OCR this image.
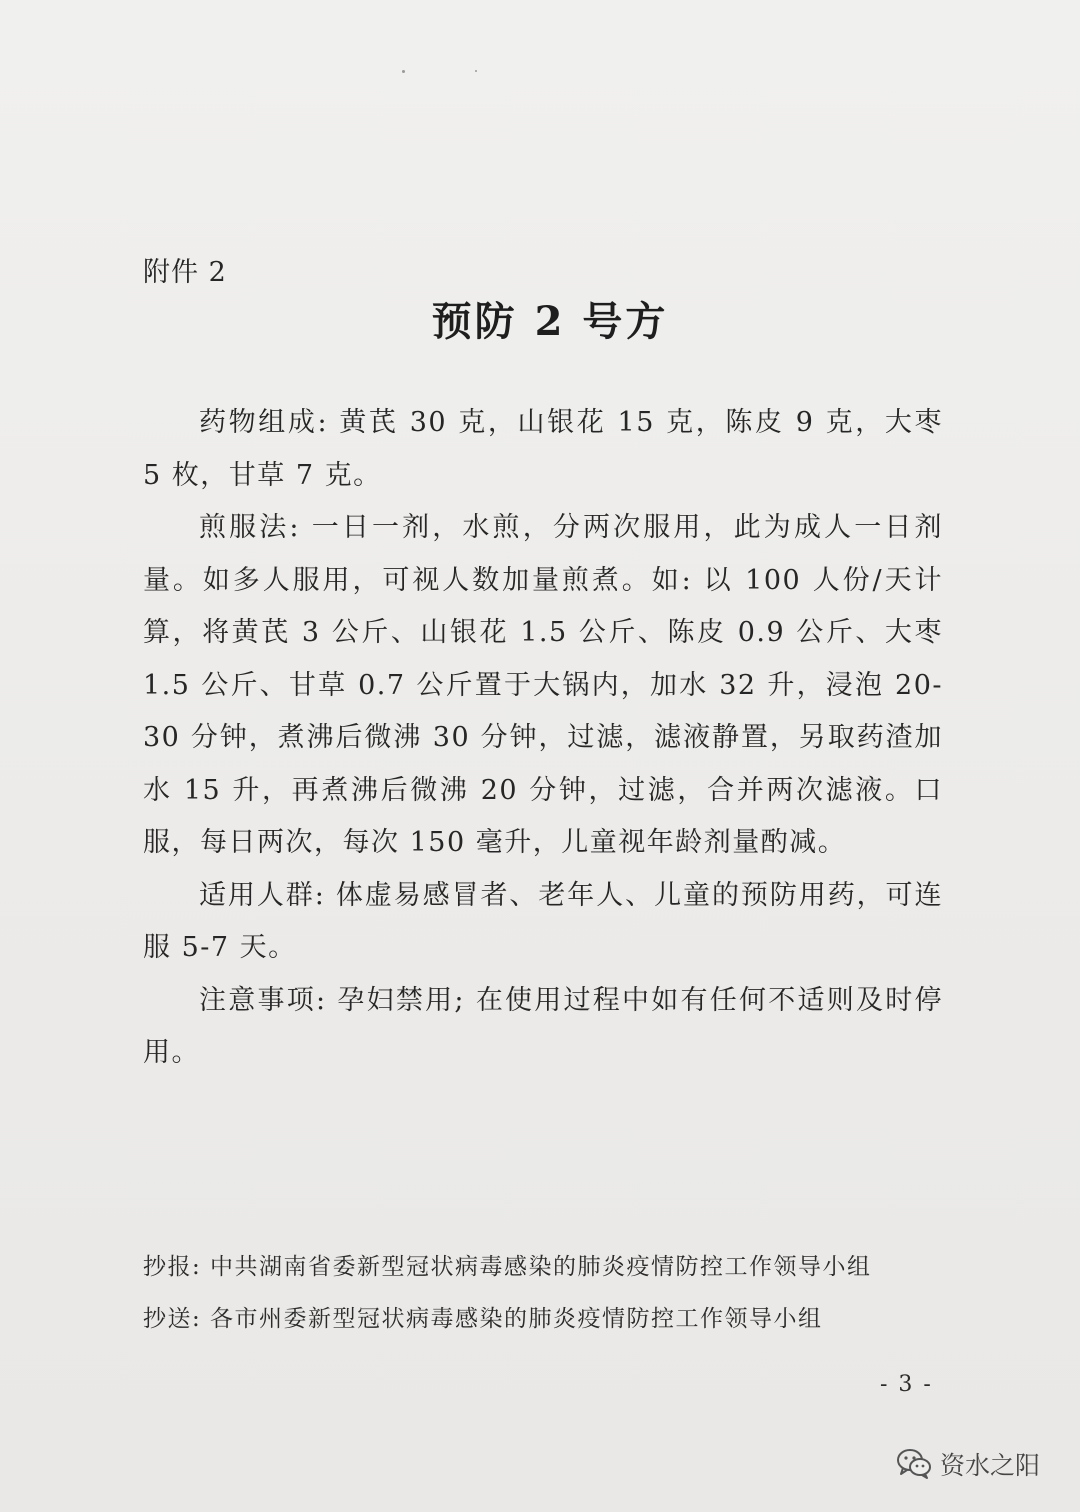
附件 2
预防 2 号方

药物组成: 黄芪 30 克，山银花 15 克，陈皮 9 克，大枣 5 枚，甘草 7 克。

煎服法: 一日一剂，水煎，分两次服用，此为成人一日剂量。如多人服用，可视人数加量煎煮。如: 以 100 人份/天计算，将黄芪 3 公斤、山银花 1.5 公斤、陈皮 0.9 公斤、大枣 1.5 公斤、甘草 0.7 公斤置于大锅内，加水 32 升，浸泡 20-30 分钟，煮沸后微沸 30 分钟，过滤，滤液静置，另取药渣加水 15 升，再煮沸后微沸 20 分钟，过滤，合并两次滤液。口服，每日两次，每次 150 毫升，儿童视年龄剂量酌减。

适用人群: 体虚易感冒者、老年人、儿童的预防用药，可连服 5-7 天。

注意事项: 孕妇禁用; 在使用过程中如有任何不适则及时停用。

抄报: 中共湖南省委新型冠状病毒感染的肺炎疫情防控工作领导小组
抄送: 各市州委新型冠状病毒感染的肺炎疫情防控工作领导小组
- 3 -
资水之阳
